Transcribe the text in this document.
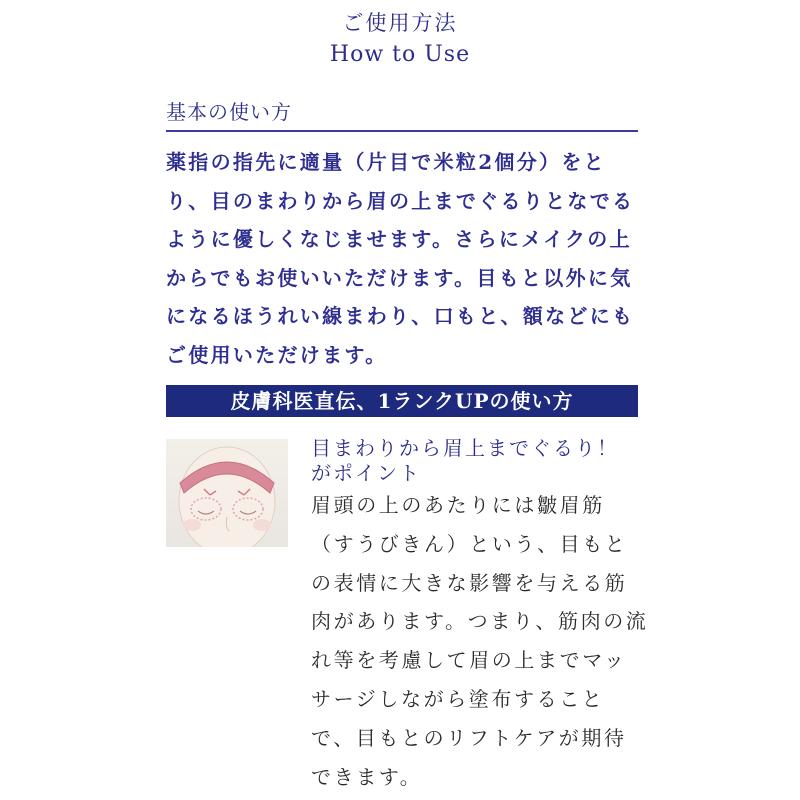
ご使用方法
How to Use
基本の使い方
薬指の指先に適量（片目で米粒2個分）をと
り、目のまわりから眉の上までぐるりとなでる
ように優しくなじませます。さらにメイクの上
からでもお使いいただけます。目もと以外に気
になるほうれい線まわり、口もと、額などにも
ご使用いただけます。
皮膚科医直伝、1ランクUPの使い方
目まわりから眉上までぐるり！
がポイント
眉頭の上のあたりには皺眉筋
（すうびきん）という、目もと
の表情に大きな影響を与える筋
肉があります。つまり、筋肉の流
れ等を考慮して眉の上までマッ
サージしながら塗布すること
で、目もとのリフトケアが期待
できます。
